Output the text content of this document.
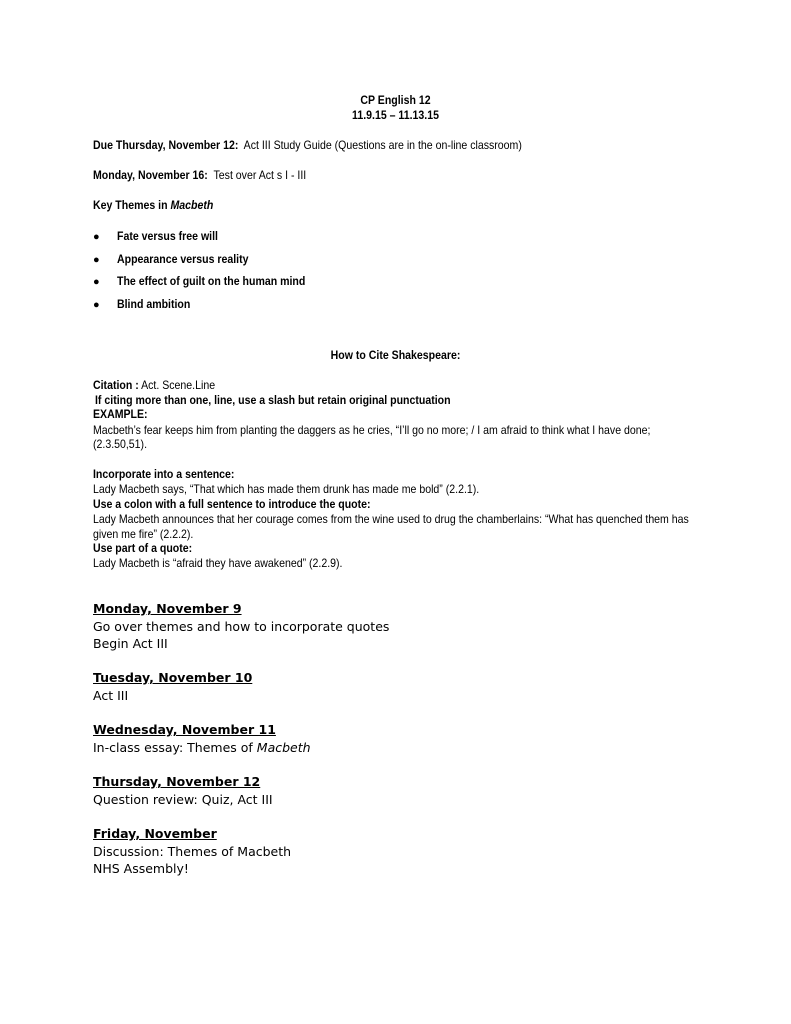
CP English 12
11.9.15 – 11.13.15
Due Thursday, November 12: Act III Study Guide (Questions are in the on-line classroom)
Monday, November 16: Test over Act s I - III
Key Themes in Macbeth
● Fate versus free will
● Appearance versus reality
● The effect of guilt on the human mind
● Blind ambition
How to Cite Shakespeare:
Citation : Act. Scene.Line
If citing more than one, line, use a slash but retain original punctuation
EXAMPLE:
Macbeth’s fear keeps him from planting the daggers as he cries, “I’ll go no more; / I am afraid to think what I have done;
(2.3.50,51).
Incorporate into a sentence:
Lady Macbeth says, “That which has made them drunk has made me bold” (2.2.1).
Use a colon with a full sentence to introduce the quote:
Lady Macbeth announces that her courage comes from the wine used to drug the chamberlains: “What has quenched them has
given me fire” (2.2.2).
Use part of a quote:
Lady Macbeth is “afraid they have awakened” (2.2.9).
Monday, November 9
Go over themes and how to incorporate quotes
Begin Act III
Tuesday, November 10
Act III
Wednesday, November 11
In-class essay: Themes of Macbeth
Thursday, November 12
Question review: Quiz, Act III
Friday, November
Discussion: Themes of Macbeth
NHS Assembly!
